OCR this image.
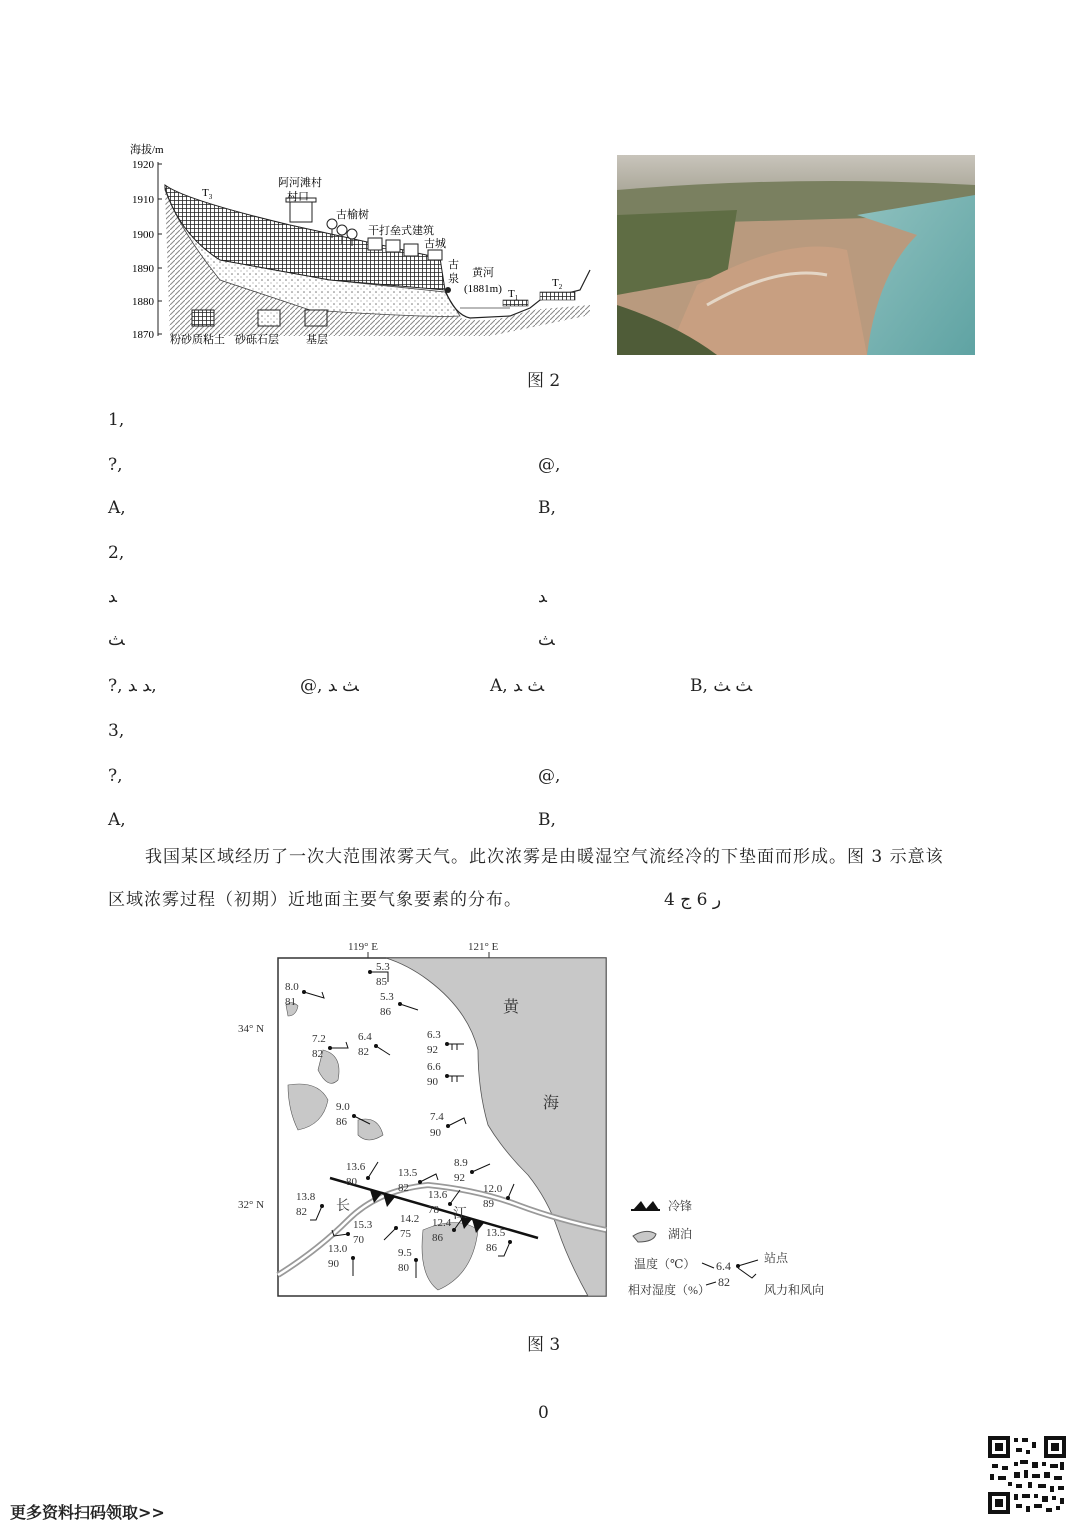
海拔/m
1920
1910
1900
1890
1880
1870
$T_3$
阿河滩村
村口
古榆树
干打垒式建筑
古城
古
泉 黄河
(1881m) $T_1$
$T_2$
粉砂质粘土 砂砾石层 基层
图 2
1,
?,	@,
A,	B,
2,
ﺪ	ﺪ
ﺚ	ﺚ
?, ﺪ ﺪ,	@, ﺚ ﺪ	A, ﺚ ﺪ	B, ﺚ ﺚ
3,
?,	@,
A,	B,
我国某区域经历了一次大范围浓雾天气。此次浓雾是由暖湿空气流经冷的下垫面而形成。图 3 示意该
区域浓雾过程（初期）近地面主要气象要素的分布。	4 ﺭ 6 ﺝ
119° E	121° E
34° N
32° N
黄
海
长
江
5.3
85
8.0
81	5.3
86
7.2
82
6.4
82
6.3
92
6.6
90
9.0
86	7.4
90
13.6
80
13.5
82
8.9
92
13.8
82
13.6
78
12.0
89
15.3
70
14.2
75
12.4
86	13.5
86
13.0
90
9.5
80
冷锋
湖泊
温度（℃） 6.4
站点
82
相对湿度（%）	风力和风向
图 3
0
更多资料扫码领取>>
